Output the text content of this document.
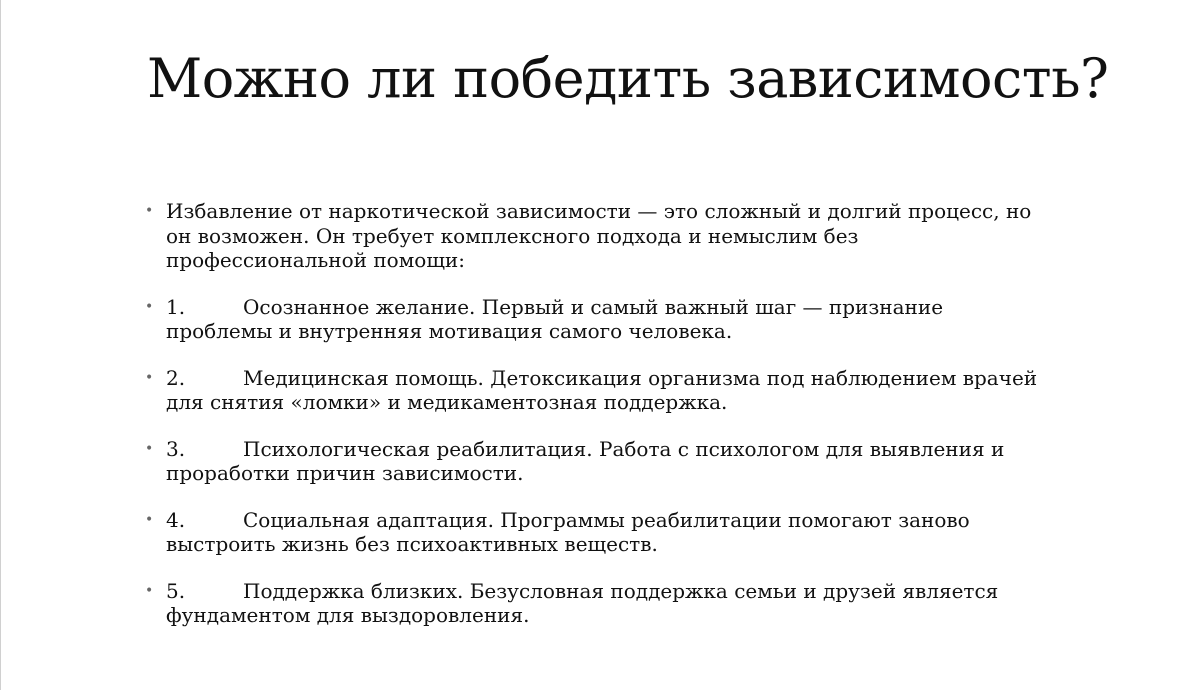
Можно ли победить зависимость?
• Избавление от наркотической зависимости — это сложный и долгий процесс, но он возможен. Он требует комплексного подхода и немыслим без профессиональной помощи:
• 1.	Осознанное желание. Первый и самый важный шаг — признание проблемы и внутренняя мотивация самого человека.
• 2.	Медицинская помощь. Детоксикация организма под наблюдением врачей для снятия «ломки» и медикаментозная поддержка.
• 3.	Психологическая реабилитация. Работа с психологом для выявления и проработки причин зависимости.
• 4.	Социальная адаптация. Программы реабилитации помогают заново выстроить жизнь без психоактивных веществ.
• 5.	Поддержка близких. Безусловная поддержка семьи и друзей является фундаментом для выздоровления.
